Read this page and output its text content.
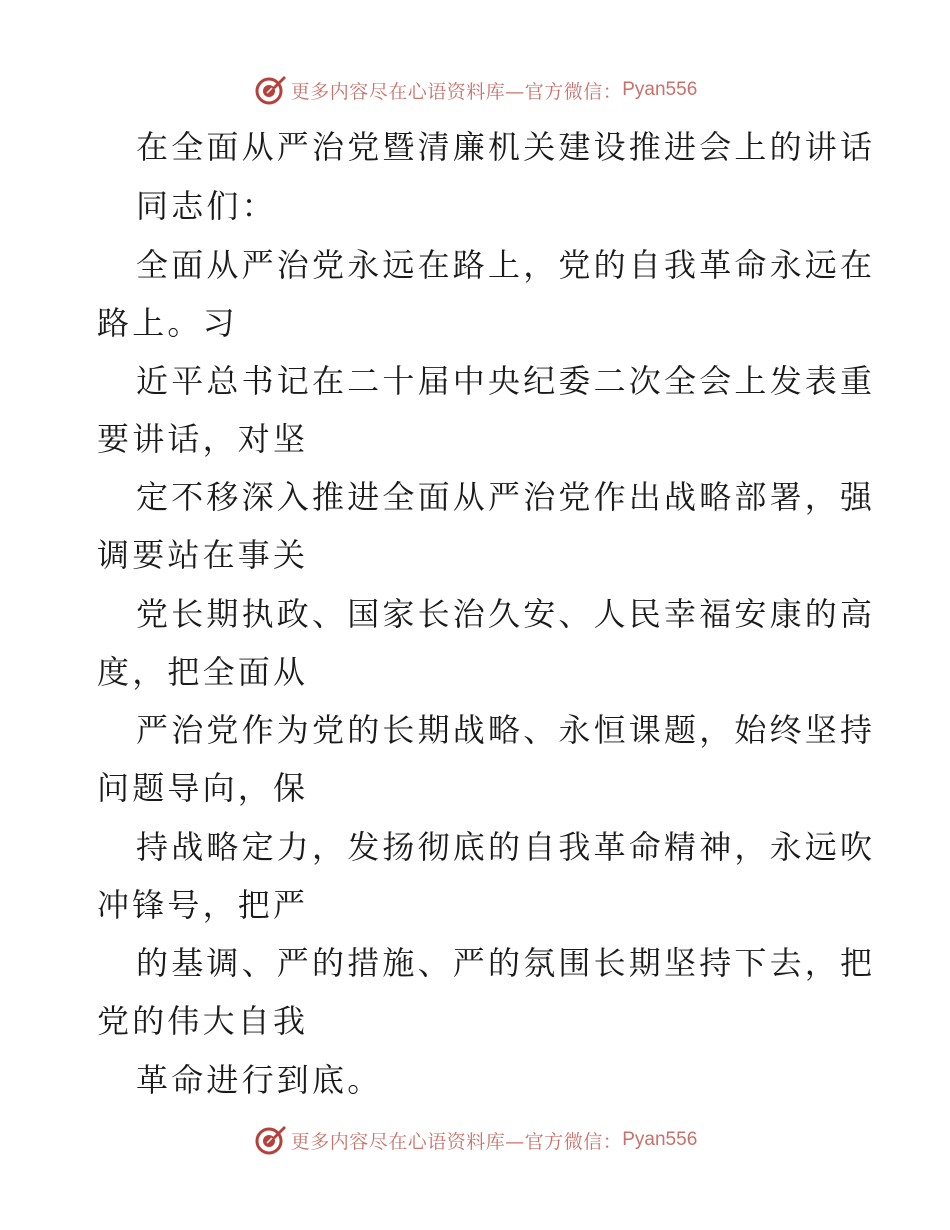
更多内容尽在心语资料库—官方微信： Pyan556
在全面从严治党暨清廉机关建设推进会上的讲话
同志们：
全面从严治党永远在路上，党的自我革命永远在
路上。习
近平总书记在二十届中央纪委二次全会上发表重
要讲话，对坚
定不移深入推进全面从严治党作出战略部署，强
调要站在事关
党长期执政、国家长治久安、人民幸福安康的高
度，把全面从
严治党作为党的长期战略、永恒课题，始终坚持
问题导向，保
持战略定力，发扬彻底的自我革命精神，永远吹
冲锋号，把严
的基调、严的措施、严的氛围长期坚持下去，把
党的伟大自我
革命进行到底。
更多内容尽在心语资料库—官方微信： Pyan556
